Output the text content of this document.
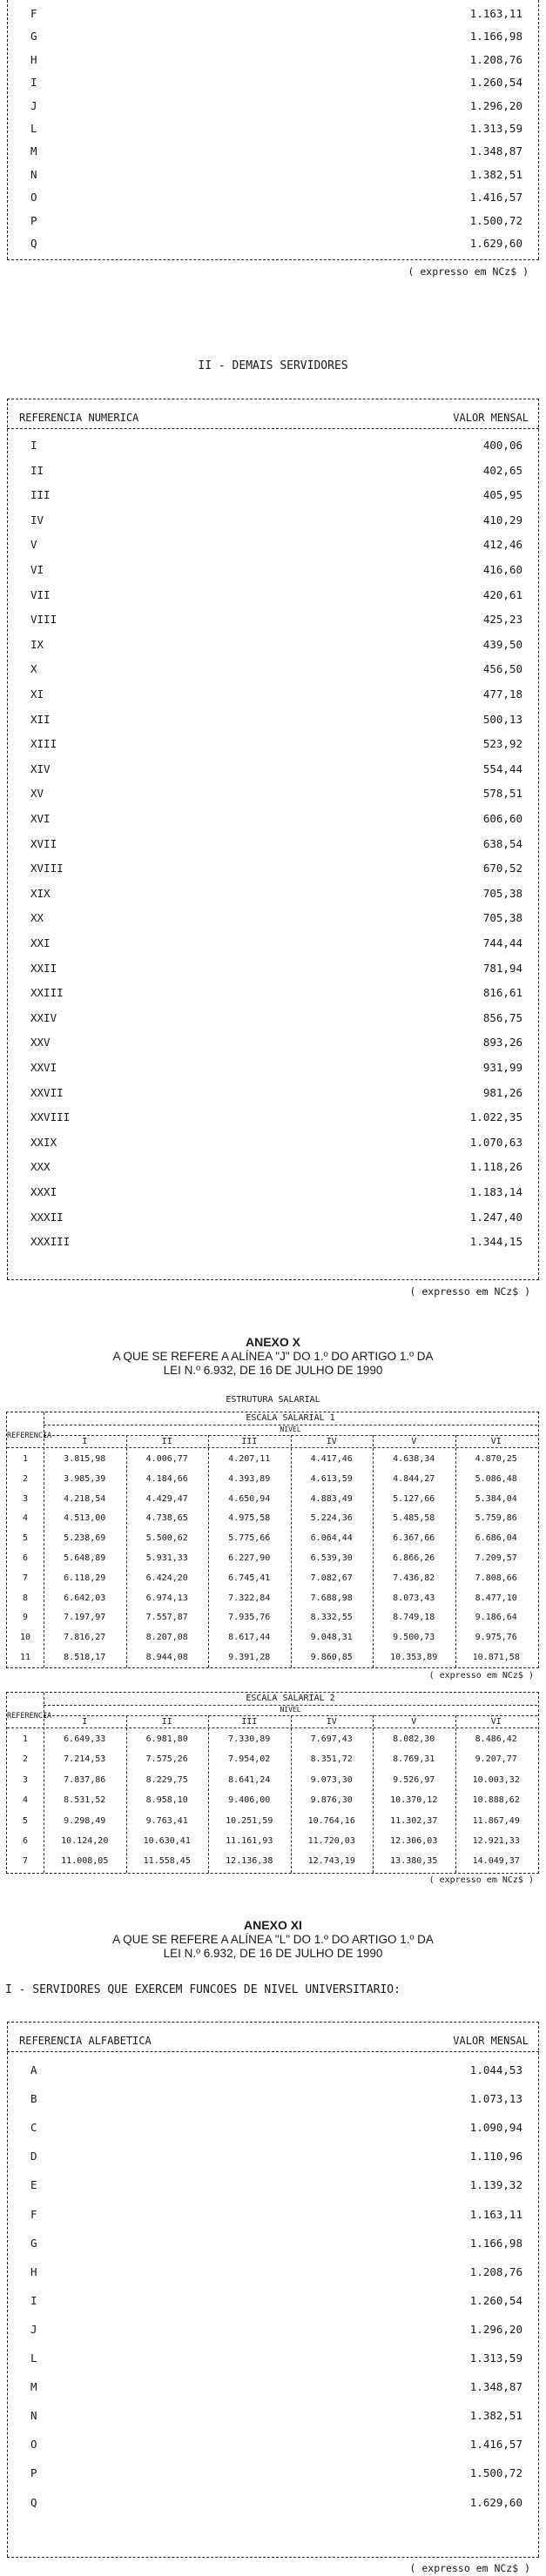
F	1.163,11
G	1.166,98
H	1.208,76
I	1.260,54
J	1.296,20
L	1.313,59
M	1.348,87
N	1.382,51
O	1.416,57
P	1.500,72
Q	1.629,60
( expresso em NCz$ )
II - DEMAIS SERVIDORES
I	400,06
II	402,65
III	405,95
IV	410,29
V	412,46
VI	416,60
VII	420,61
VIII	425,23
IX	439,50
X	456,50
XI	477,18
XII	500,13
XIII	523,92
XIV	554,44
XV	578,51
XVI	606,60
XVII	638,54
XVIII	670,52
XIX	705,38
XX	705,38
XXI	744,44
XXII	781,94
XXIII	816,61
XXIV	856,75
XXV	893,26
XXVI	931,99
XXVII	981,26
XXVIII	1.022,35
XXIX	1.070,63
XXX	1.118,26
XXXI	1.183,14
XXXII	1.247,40
XXXIII	1.344,15
REFERENCIA NUMERICA	VALOR MENSAL
( expresso em NCz$ )
ANEXO X
A QUE SE REFERE A ALÍNEA "J" DO 1.º DO ARTIGO 1.º DA
LEI N.º 6.932, DE 16 DE JULHO DE 1990
ESTRUTURA SALARIAL
ESCALA SALARIAL 1
NIVEL
REFERENCIA
I	II	III	IV	V	VI
1	3.815,98	4.006,77	4.207,11	4.417,46	4.638,34	4.870,25
2	3.985,39	4.184,66	4.393,89	4.613,59	4.844,27	5.086,48
3	4.218,54	4.429,47	4.650,94	4.883,49	5.127,66	5.384,04
4	4.513,00	4.738,65	4.975,58	5.224,36	5.485,58	5.759,86
5	5.238,69	5.500,62	5.775,66	6.064,44	6.367,66	6.686,04
6	5.648,89	5.931,33	6.227,90	6.539,30	6.866,26	7.209,57
7	6.118,29	6.424,20	6.745,41	7.082,67	7.436,82	7.808,66
8	6.642,03	6.974,13	7.322,84	7.688,98	8.073,43	8.477,10
9	7.197,97	7.557,87	7.935,76	8.332,55	8.749,18	9.186,64
10	7.816,27	8.207,08	8.617,44	9.048,31	9.500,73	9.975,76
11	8.518,17	8.944,08	9.391,28	9.860,85	10.353,89	10.871,58
( expresso em NCz$ )
ESCALA SALARIAL 2
NIVEL
REFERENCIA
I	II	III	IV	V	VI
1	6.649,33	6.981,80	7.330,89	7.697,43	8.082,30	8.486,42
2	7.214,53	7.575,26	7.954,02	8.351,72	8.769,31	9.207,77
3	7.837,86	8.229,75	8.641,24	9.073,30	9.526,97	10.003,32
4	8.531,52	8.958,10	9.406,00	9.876,30	10.370,12	10.888,62
5	9.298,49	9.763,41	10.251,59	10.764,16	11.302,37	11.867,49
6	10.124,20	10.630,41	11.161,93	11.720,03	12.306,03	12.921,33
7	11.008,05	11.558,45	12.136,38	12.743,19	13.380,35	14.049,37
( expresso em NCz$ )
ANEXO XI
A QUE SE REFERE A ALÍNEA "L" DO 1.º DO ARTIGO 1.º DA
LEI N.º 6.932, DE 16 DE JULHO DE 1990
I - SERVIDORES QUE EXERCEM FUNCOES DE NIVEL UNIVERSITARIO:
A	1.044,53
B	1.073,13
C	1.090,94
D	1.110,96
E	1.139,32
F	1.163,11
G	1.166,98
H	1.208,76
I	1.260,54
J	1.296,20
L	1.313,59
M	1.348,87
N	1.382,51
O	1.416,57
P	1.500,72
Q	1.629,60
REFERENCIA ALFABETICA	VALOR MENSAL
( expresso em NCz$ )
